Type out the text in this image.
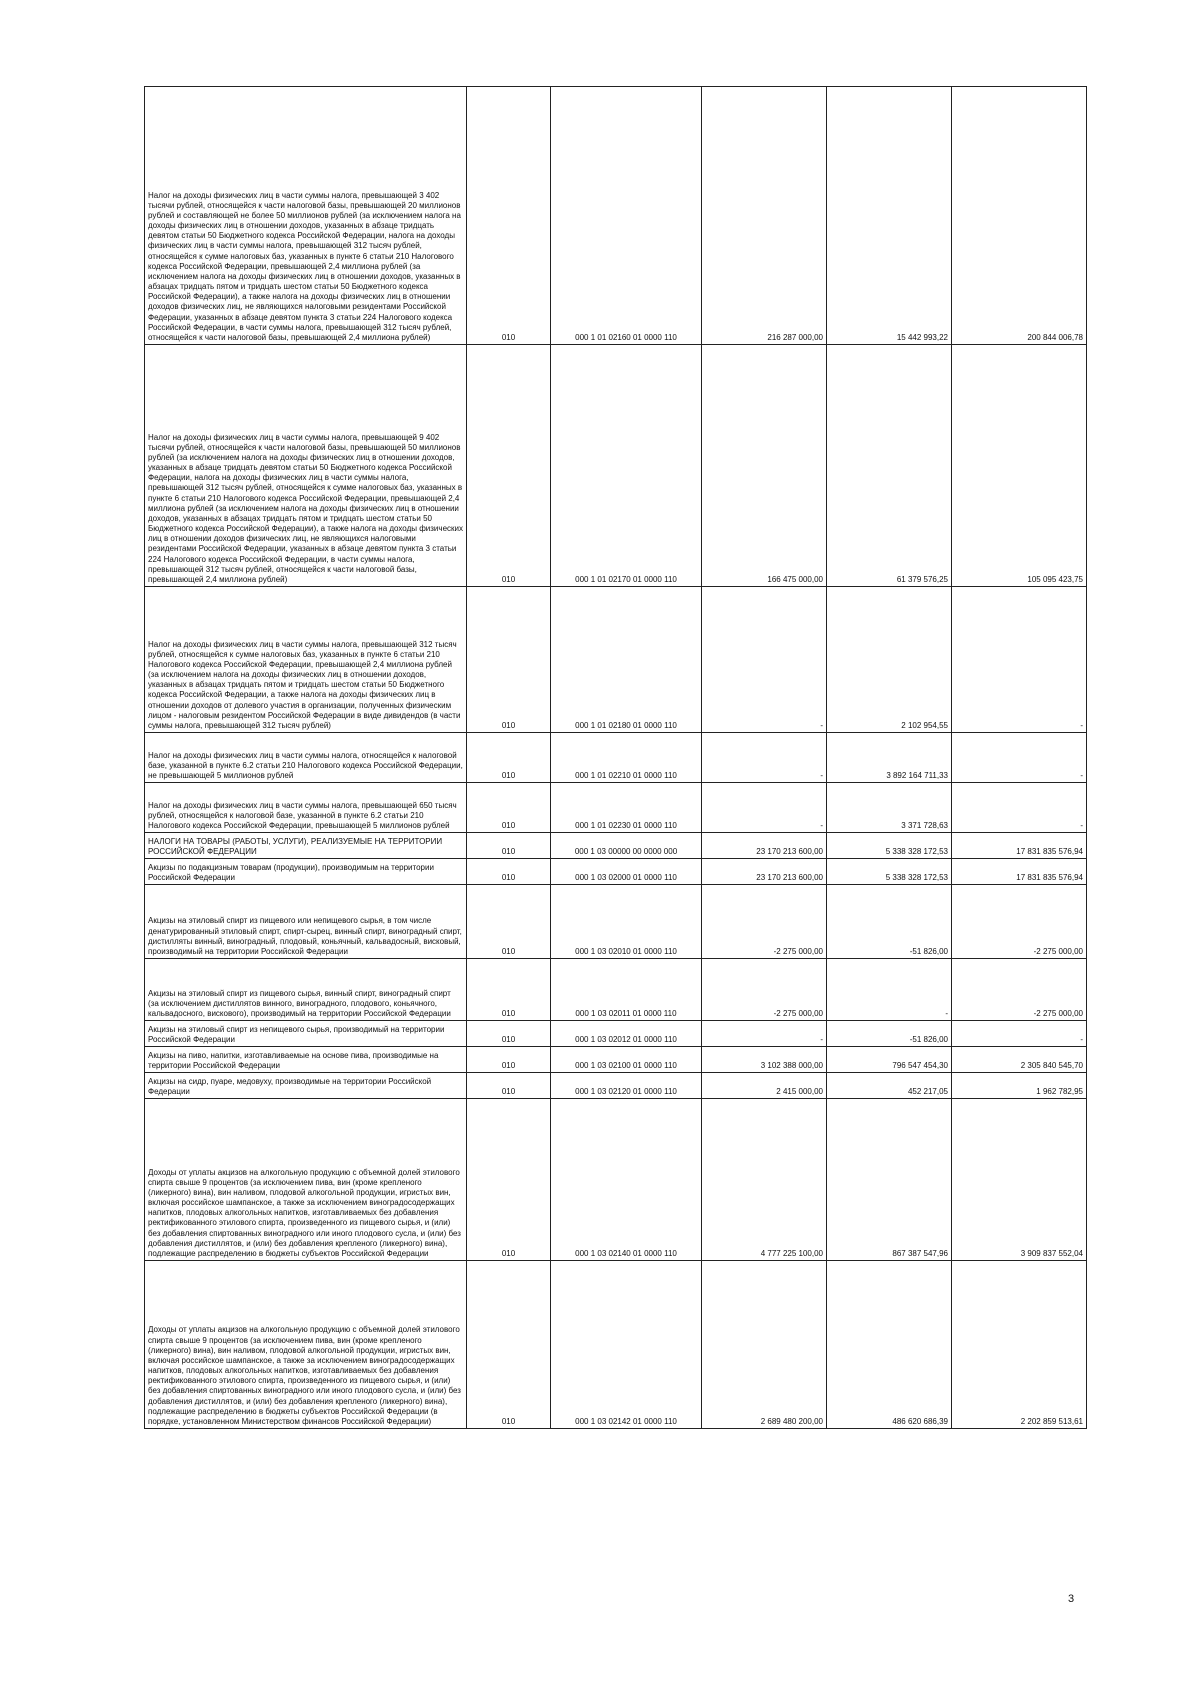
Налог на доходы физических лиц в части суммы налога, превышающей 3 402 тысячи рублей, относящейся к части налоговой базы, превышающей 20 миллионов рублей и составляющей не более 50 миллионов рублей (за исключением налога на доходы физических лиц в отношении доходов, указанных в абзаце тридцать девятом статьи 50 Бюджетного кодекса Российской Федерации, налога на доходы физических лиц в части суммы налога, превышающей 312 тысяч рублей, относящейся к сумме налоговых баз, указанных в пункте 6 статьи 210 Налогового кодекса Российской Федерации, превышающей 2,4 миллиона рублей (за исключением налога на доходы физических лиц в отношении доходов, указанных в абзацах тридцать пятом и тридцать шестом статьи 50 Бюджетного кодекса Российской Федерации), а также налога на доходы физических лиц в отношении доходов физических лиц, не являющихся налоговыми резидентами Российской Федерации, указанных в абзаце девятом пункта 3 статьи 224 Налогового кодекса Российской Федерации, в части суммы налога, превышающей 312 тысяч рублей, относящейся к части налоговой базы, превышающей 2,4 миллиона рублей)	010	000 1 01 02160 01 0000 110	216 287 000,00	15 442 993,22	200 844 006,78
Налог на доходы физических лиц в части суммы налога, превышающей 9 402 тысячи рублей, относящейся к части налоговой базы, превышающей 50 миллионов рублей (за исключением налога на доходы физических лиц в отношении доходов, указанных в абзаце тридцать девятом статьи 50 Бюджетного кодекса Российской Федерации, налога на доходы физических лиц в части суммы налога, превышающей 312 тысяч рублей, относящейся к сумме налоговых баз, указанных в пункте 6 статьи 210 Налогового кодекса Российской Федерации, превышающей 2,4 миллиона рублей (за исключением налога на доходы физических лиц в отношении доходов, указанных в абзацах тридцать пятом и тридцать шестом статьи 50 Бюджетного кодекса Российской Федерации), а также налога на доходы физических лиц в отношении доходов физических лиц, не являющихся налоговыми резидентами Российской Федерации, указанных в абзаце девятом пункта 3 статьи 224 Налогового кодекса Российской Федерации, в части суммы налога, превышающей 312 тысяч рублей, относящейся к части налоговой базы, превышающей 2,4 миллиона рублей)	010	000 1 01 02170 01 0000 110	166 475 000,00	61 379 576,25	105 095 423,75
Налог на доходы физических лиц в части суммы налога, превышающей 312 тысяч рублей, относящейся к сумме налоговых баз, указанных в пункте 6 статьи 210 Налогового кодекса Российской Федерации, превышающей 2,4 миллиона рублей (за исключением налога на доходы физических лиц в отношении доходов, указанных в абзацах тридцать пятом и тридцать шестом статьи 50 Бюджетного кодекса Российской Федерации, а также налога на доходы физических лиц в отношении доходов от долевого участия в организации, полученных физическим лицом - налоговым резидентом Российской Федерации в виде дивидендов (в части суммы налога, превышающей 312 тысяч рублей)	010	000 1 01 02180 01 0000 110	-	2 102 954,55	-
Налог на доходы физических лиц в части суммы налога, относящейся к налоговой базе, указанной в пункте 6.2 статьи 210 Налогового кодекса Российской Федерации, не превышающей 5 миллионов рублей	010	000 1 01 02210 01 0000 110	-	3 892 164 711,33	-
Налог на доходы физических лиц в части суммы налога, превышающей 650 тысяч рублей, относящейся к налоговой базе, указанной в пункте 6.2 статьи 210 Налогового кодекса Российской Федерации, превышающей 5 миллионов рублей	010	000 1 01 02230 01 0000 110	-	3 371 728,63	-
НАЛОГИ НА ТОВАРЫ (РАБОТЫ, УСЛУГИ), РЕАЛИЗУЕМЫЕ НА ТЕРРИТОРИИ РОССИЙСКОЙ ФЕДЕРАЦИИ	010	000 1 03 00000 00 0000 000	23 170 213 600,00	5 338 328 172,53	17 831 835 576,94
Акцизы по подакцизным товарам (продукции), производимым на территории Российской Федерации	010	000 1 03 02000 01 0000 110	23 170 213 600,00	5 338 328 172,53	17 831 835 576,94
Акцизы на этиловый спирт из пищевого или непищевого сырья, в том числе денатурированный этиловый спирт, спирт-сырец, винный спирт, виноградный спирт, дистилляты винный, виноградный, плодовый, коньячный, кальвадосный, висковый, производимый на территории Российской Федерации	010	000 1 03 02010 01 0000 110	-2 275 000,00	-51 826,00	-2 275 000,00
Акцизы на этиловый спирт из пищевого сырья, винный спирт, виноградный спирт (за исключением дистиллятов винного, виноградного, плодового, коньячного, кальвадосного, вискового), производимый на территории Российской Федерации	010	000 1 03 02011 01 0000 110	-2 275 000,00	-	-2 275 000,00
Акцизы на этиловый спирт из непищевого сырья, производимый на территории Российской Федерации	010	000 1 03 02012 01 0000 110	-	-51 826,00	-
Акцизы на пиво, напитки, изготавливаемые на основе пива, производимые на территории Российской Федерации	010	000 1 03 02100 01 0000 110	3 102 388 000,00	796 547 454,30	2 305 840 545,70
Акцизы на сидр, пуаре, медовуху, производимые на территории Российской Федерации	010	000 1 03 02120 01 0000 110	2 415 000,00	452 217,05	1 962 782,95
Доходы от уплаты акцизов на алкогольную продукцию с объемной долей этилового спирта свыше 9 процентов (за исключением пива, вин (кроме крепленого (ликерного) вина), вин наливом, плодовой алкогольной продукции, игристых вин, включая российское шампанское, а также за исключением виноградосодержащих напитков, плодовых алкогольных напитков, изготавливаемых без добавления ректификованного этилового спирта, произведенного из пищевого сырья, и (или) без добавления спиртованных виноградного или иного плодового сусла, и (или) без добавления дистиллятов, и (или) без добавления крепленого (ликерного) вина), подлежащие распределению в бюджеты субъектов Российской Федерации	010	000 1 03 02140 01 0000 110	4 777 225 100,00	867 387 547,96	3 909 837 552,04
Доходы от уплаты акцизов на алкогольную продукцию с объемной долей этилового спирта свыше 9 процентов (за исключением пива, вин (кроме крепленого (ликерного) вина), вин наливом, плодовой алкогольной продукции, игристых вин, включая российское шампанское, а также за исключением виноградосодержащих напитков, плодовых алкогольных напитков, изготавливаемых без добавления ректификованного этилового спирта, произведенного из пищевого сырья, и (или) без добавления спиртованных виноградного или иного плодового сусла, и (или) без добавления дистиллятов, и (или) без добавления крепленого (ликерного) вина), подлежащие распределению в бюджеты субъектов Российской Федерации (в порядке, установленном Министерством финансов Российской Федерации)	010	000 1 03 02142 01 0000 110	2 689 480 200,00	486 620 686,39	2 202 859 513,61
3
